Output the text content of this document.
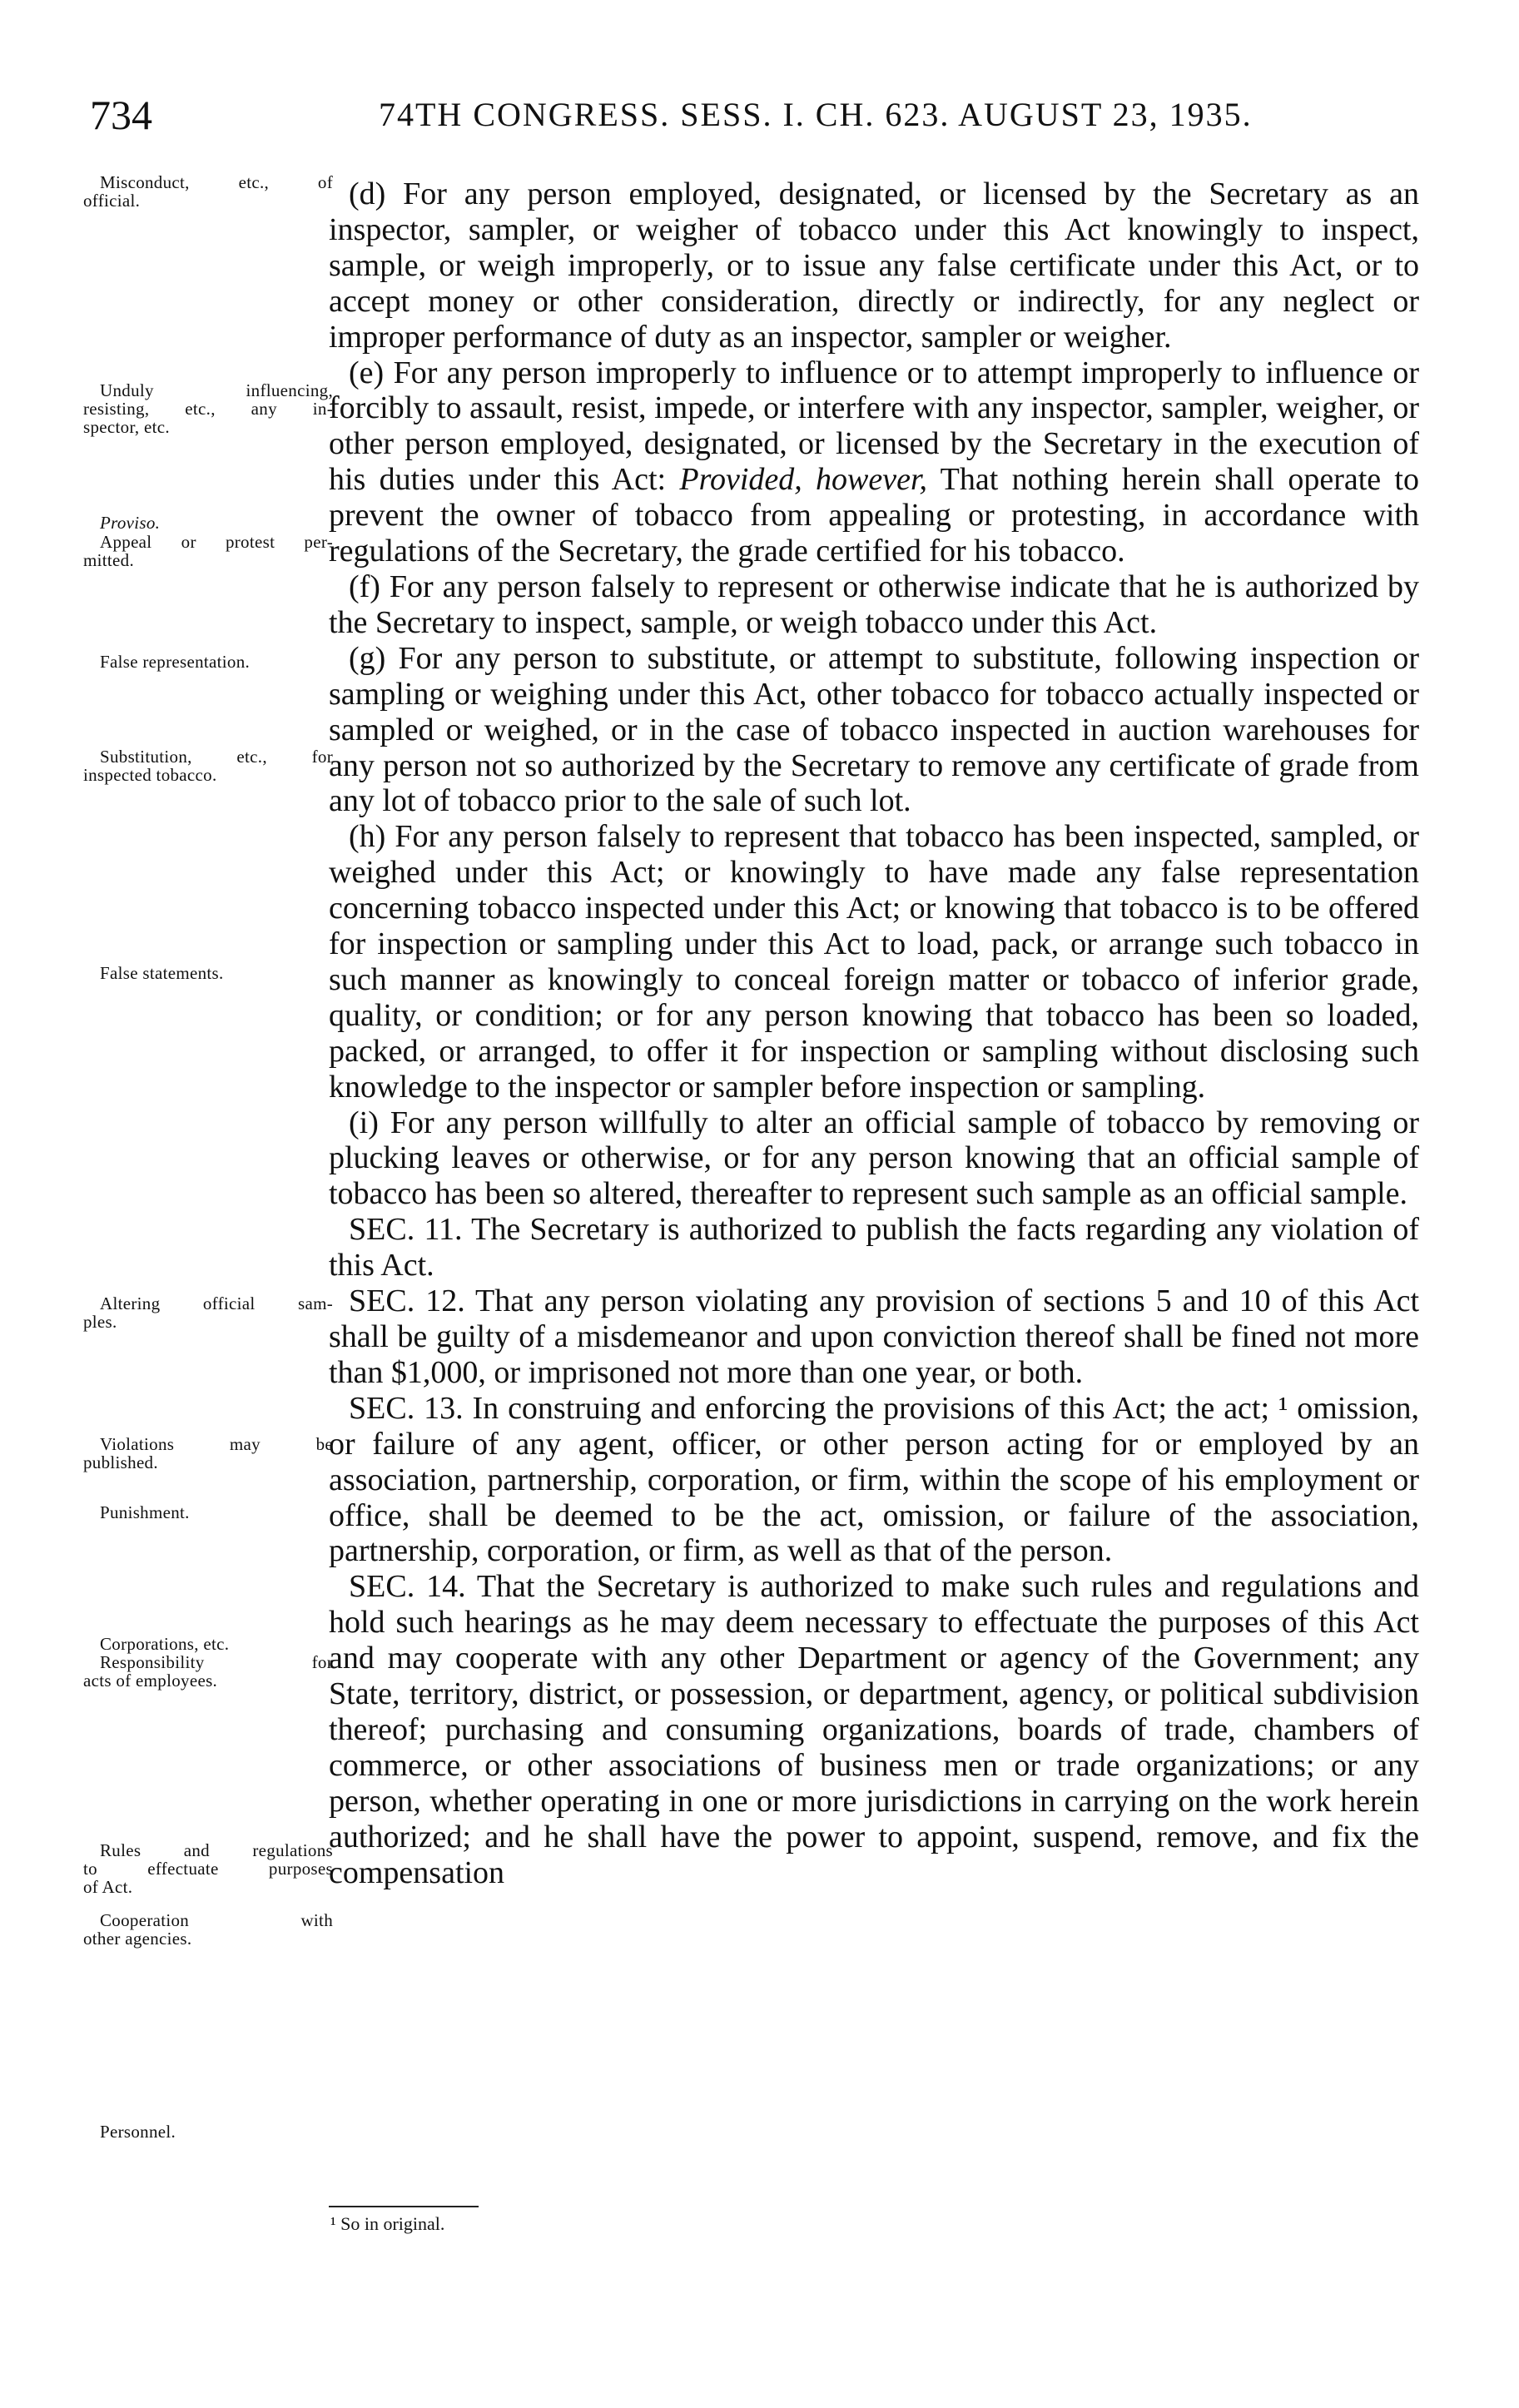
734	74TH CONGRESS. SESS. I. CH. 623. AUGUST 23, 1935.
Misconduct, etc., of
official.
Unduly influencing,
resisting, etc., any in-
spector, etc.
Proviso.
Appeal or protest per-
mitted.
False representation.
Substitution, etc., for
inspected tobacco.
False statements.
Altering official sam-
ples.
Violations may be
published.
Punishment.
Corporations, etc.
Responsibility for
acts of employees.
Rules and regulations
to effectuate purposes
of Act.
Cooperation with
other agencies.
Personnel.

(d) For any person employed, designated, or licensed by the Secretary as an inspector, sampler, or weigher of tobacco under this Act knowingly to inspect, sample, or weigh improperly, or to issue any false certificate under this Act, or to accept money or other consideration, directly or indirectly, for any neglect or improper performance of duty as an inspector, sampler or weigher.

(e) For any person improperly to influence or to attempt improperly to influence or forcibly to assault, resist, impede, or interfere with any inspector, sampler, weigher, or other person employed, designated, or licensed by the Secretary in the execution of his duties under this Act: Provided, however, That nothing herein shall operate to prevent the owner of tobacco from appealing or protesting, in accordance with regulations of the Secretary, the grade certified for his tobacco.

(f) For any person falsely to represent or otherwise indicate that he is authorized by the Secretary to inspect, sample, or weigh tobacco under this Act.

(g) For any person to substitute, or attempt to substitute, following inspection or sampling or weighing under this Act, other tobacco for tobacco actually inspected or sampled or weighed, or in the case of tobacco inspected in auction warehouses for any person not so authorized by the Secretary to remove any certificate of grade from any lot of tobacco prior to the sale of such lot.

(h) For any person falsely to represent that tobacco has been inspected, sampled, or weighed under this Act; or knowingly to have made any false representation concerning tobacco inspected under this Act; or knowing that tobacco is to be offered for inspection or sampling under this Act to load, pack, or arrange such tobacco in such manner as knowingly to conceal foreign matter or tobacco of inferior grade, quality, or condition; or for any person knowing that tobacco has been so loaded, packed, or arranged, to offer it for inspection or sampling without disclosing such knowledge to the inspector or sampler before inspection or sampling.

(i) For any person willfully to alter an official sample of tobacco by removing or plucking leaves or otherwise, or for any person knowing that an official sample of tobacco has been so altered, thereafter to represent such sample as an official sample.

SEC. 11. The Secretary is authorized to publish the facts regarding any violation of this Act.

SEC. 12. That any person violating any provision of sections 5 and 10 of this Act shall be guilty of a misdemeanor and upon conviction thereof shall be fined not more than $1,000, or imprisoned not more than one year, or both.

SEC. 13. In construing and enforcing the provisions of this Act; the act; ¹ omission, or failure of any agent, officer, or other person acting for or employed by an association, partnership, corporation, or firm, within the scope of his employment or office, shall be deemed to be the act, omission, or failure of the association, partnership, corporation, or firm, as well as that of the person.

SEC. 14. That the Secretary is authorized to make such rules and regulations and hold such hearings as he may deem necessary to effectuate the purposes of this Act and may cooperate with any other Department or agency of the Government; any State, territory, district, or possession, or department, agency, or political subdivision thereof; purchasing and consuming organizations, boards of trade, chambers of commerce, or other associations of business men or trade organizations; or any person, whether operating in one or more jurisdictions in carrying on the work herein authorized; and he shall have the power to appoint, suspend, remove, and fix the compensation

¹ So in original.
